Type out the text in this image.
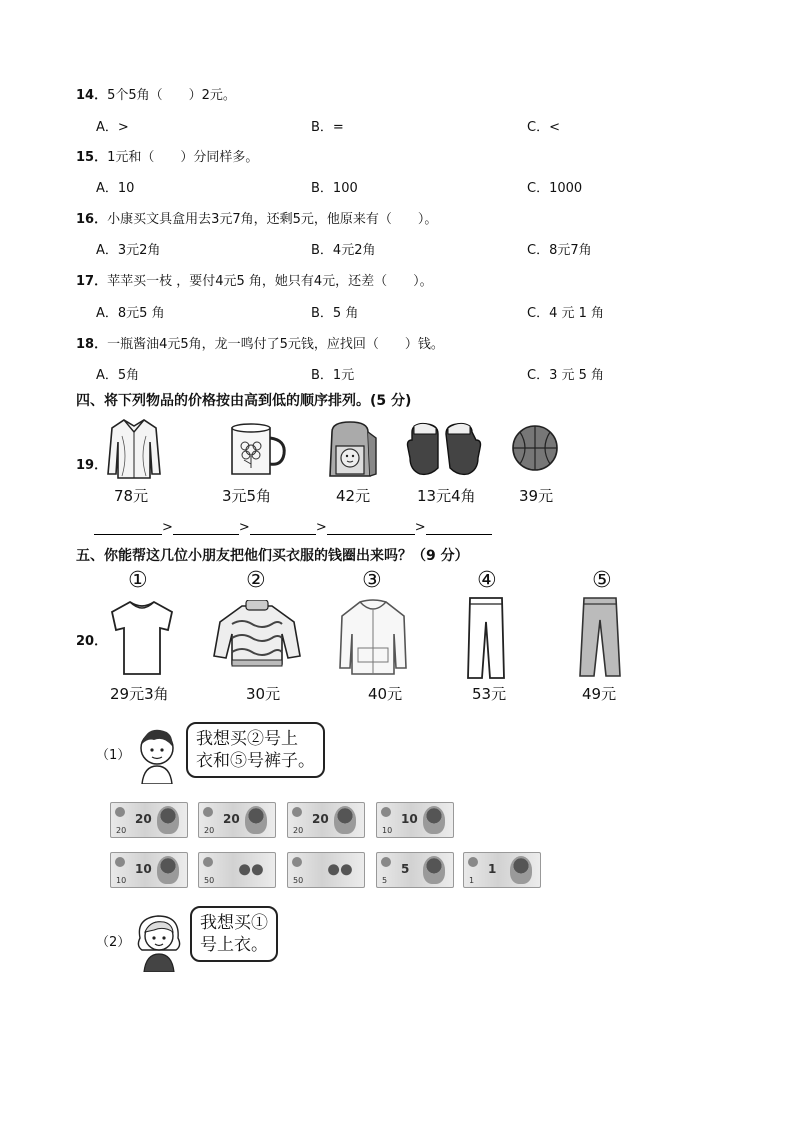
14．5个5角（　　）2元。
A．>	B．=	C．<
15．1元和（　　）分同样多。
A．10	B．100	C．1000
16．小康买文具盒用去3元7角，还剩5元，他原来有（　　）。
A．3元2角	B．4元2角	C．8元7角
17．苹苹买一枝 ，要付4元5 角，她只有4元，还差（　　）。
A．8元5 角	B．5 角	C．4 元 1 角
18．一瓶酱油4元5角，龙一鸣付了5元钱，应找回（　　）钱。
A．5角	B．1元	C．3 元 5 角
四、将下列物品的价格按由高到低的顺序排列。(5 分)
19．
78元	3元5角	42元	13元4角	39元
>	>	>	>
五、你能帮这几位小朋友把他们买衣服的钱圈出来吗？（9 分）
20．
①	②	③	④	⑤
29元3角	30元	40元	53元	49元
（1）
我想买②号上
衣和⑤号裤子。
20
20
20
20
20
20
10
10
10
10	50	50
5
5
1
1
（2）
我想买①
号上衣。
